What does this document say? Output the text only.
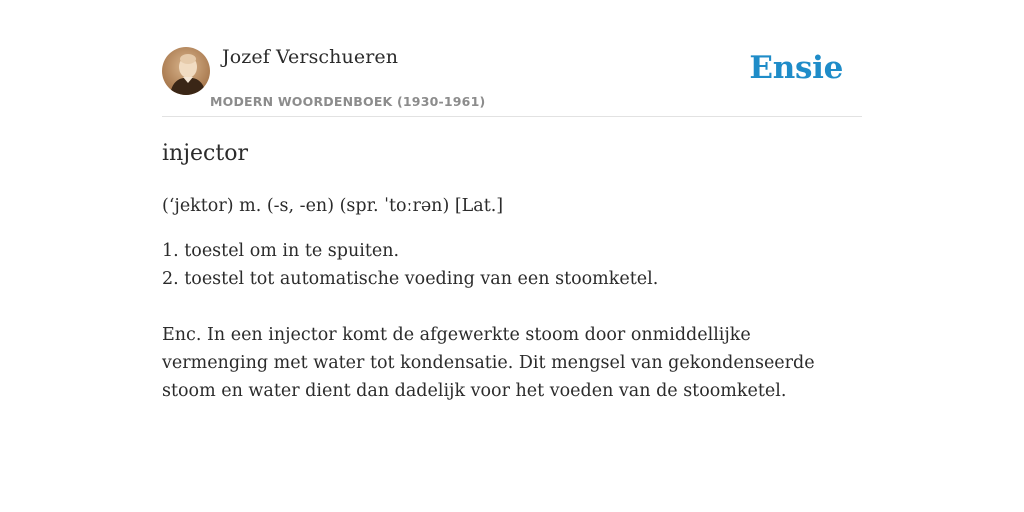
Jozef Verschueren
MODERN WOORDENBOEK (1930-1961)
Ensie
injector

(ʻjektor) m. (-s, -en) (spr. ˈtoːrən) [Lat.]

1. toestel om in te spuiten.
2. toestel tot automatische voeding van een stoomketel.

Enc. In een injector komt de afgewerkte stoom door onmiddellijke vermenging met water tot kondensatie. Dit mengsel van gekondenseerde stoom en water dient dan dadelijk voor het voeden van de stoomketel.
